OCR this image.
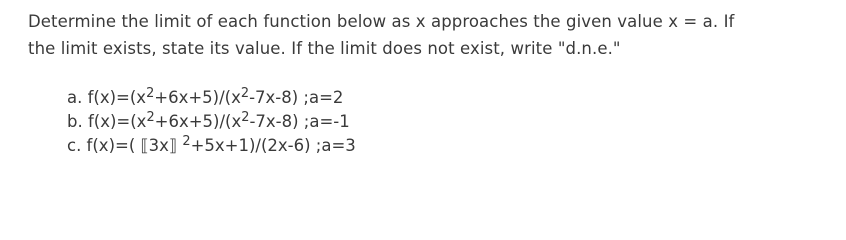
Determine the limit of each function below as x approaches the given value x = a. If
the limit exists, state its value. If the limit does not exist, write "d.n.e."

a. $f(x)=(x^2+6x+5)/(x^2-7x-8)$ ;a=2
b. $f(x)=(x^2+6x+5)/(x^2-7x-8)$ ;a=-1
c. f(x)=( ⟦3x⟧ $^2$+5x+1)/(2x-6) ;a=3
